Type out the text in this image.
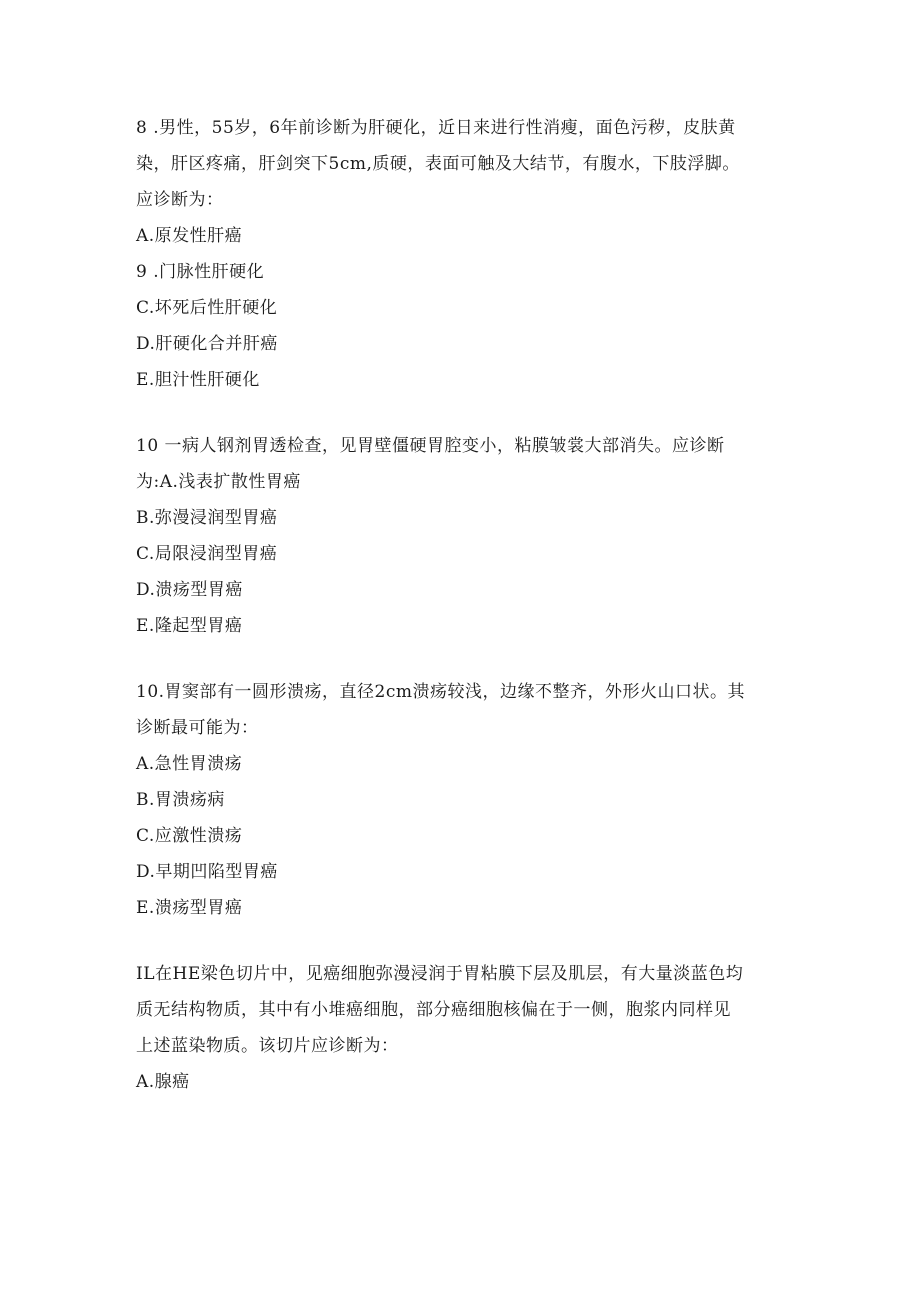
8 .男性，55岁，6年前诊断为肝硬化，近日来进行性消瘦，面色污秽，皮肤黄
染，肝区疼痛，肝剑突下5cm,质硬，表面可触及大结节，有腹水，下肢浮脚。
应诊断为：
A.原发性肝癌
9 .门脉性肝硬化
C.坏死后性肝硬化
D.肝硬化合并肝癌
E.胆汁性肝硬化
10 一病人钢剂胃透检查，见胃壁僵硬胃腔变小，粘膜皱裳大部消失。应诊断
为:A.浅表扩散性胃癌
B.弥漫浸润型胃癌
C.局限浸润型胃癌
D.溃疡型胃癌
E.隆起型胃癌
10.胃窦部有一圆形溃疡，直径2cm溃疡较浅，边缘不整齐，外形火山口状。其
诊断最可能为：
A.急性胃溃疡
B.胃溃疡病
C.应激性溃疡
D.早期凹陷型胃癌
E.溃疡型胃癌
IL在HE梁色切片中，见癌细胞弥漫浸润于胃粘膜下层及肌层，有大量淡蓝色均
质无结构物质，其中有小堆癌细胞，部分癌细胞核偏在于一侧，胞浆内同样见
上述蓝染物质。该切片应诊断为：
A.腺癌
